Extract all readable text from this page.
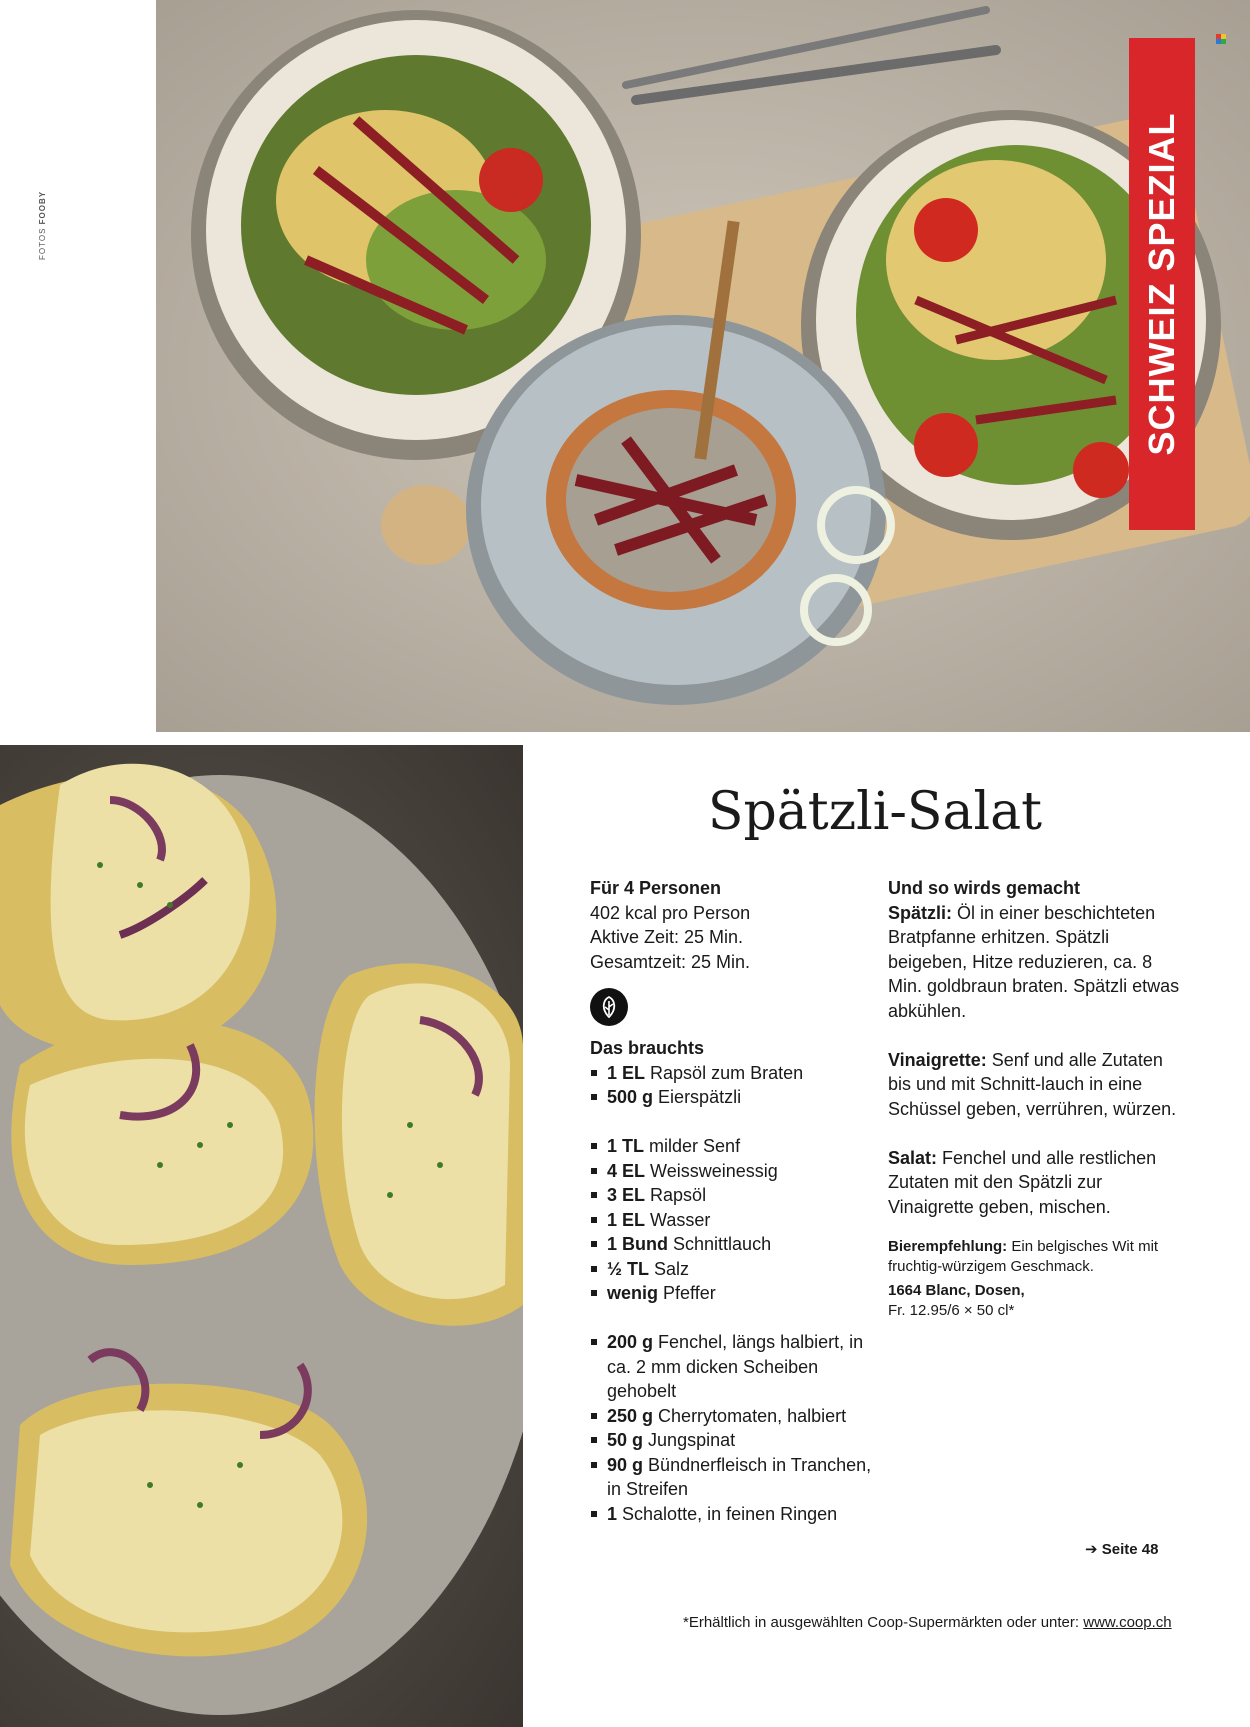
FOTOS FOOBY	SCHWEIZ SPEZIAL
Spätzli-Salat
Für 4 Personen
402 kcal pro Person
Aktive Zeit: 25 Min.
Gesamtzeit: 25 Min.
Das brauchts
1 EL Rapsöl zum Braten
500 g Eierspätzli
1 TL milder Senf
4 EL Weissweinessig
3 EL Rapsöl
1 EL Wasser
1 Bund Schnittlauch
½ TL Salz
wenig Pfeffer
200 g Fenchel, längs halbiert, in ca. 2 mm dicken Scheiben gehobelt
250 g Cherrytomaten, halbiert
50 g Jungspinat
90 g Bündnerfleisch in Tranchen, in Streifen
1 Schalotte, in feinen Ringen
Und so wirds gemacht
Spätzli: Öl in einer beschichteten Bratpfanne erhitzen. Spätzli beigeben, Hitze reduzieren, ca. 8 Min. goldbraun braten. Spätzli etwas abkühlen.
Vinaigrette: Senf und alle Zutaten bis und mit Schnitt-lauch in eine Schüssel geben, verrühren, würzen.
Salat: Fenchel und alle restlichen Zutaten mit den Spätzli zur Vinaigrette geben, mischen.
Bierempfehlung: Ein belgisches Wit mit fruchtig-würzigem Geschmack.
1664 Blanc, Dosen,
Fr. 12.95/6 × 50 cl*
➔ Seite 48
*Erhältlich in ausgewählten Coop-Supermärkten oder unter: www.coop.ch
